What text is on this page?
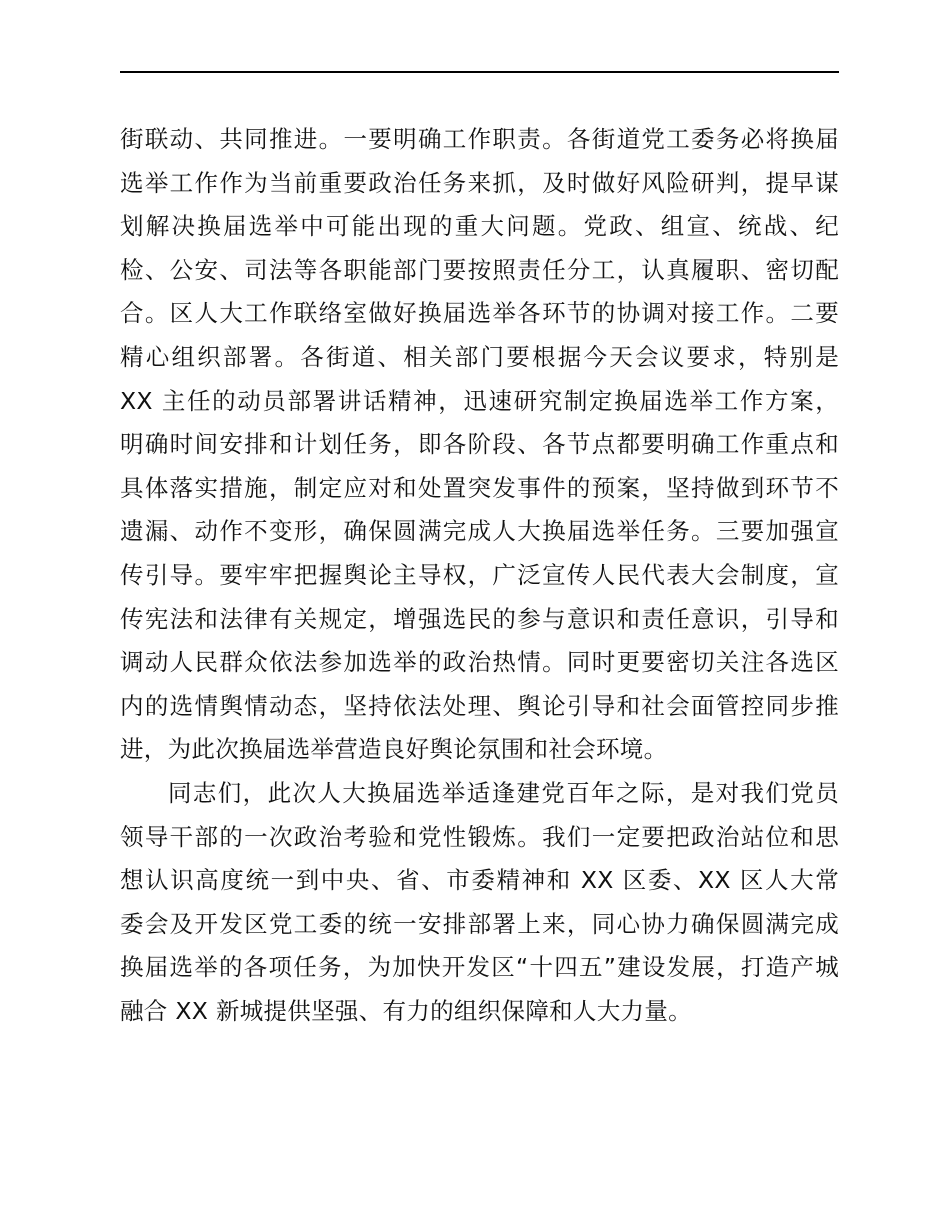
街联动、共同推进。一要明确工作职责。各街道党工委务必将换届
选举工作作为当前重要政治任务来抓，及时做好风险研判，提早谋
划解决换届选举中可能出现的重大问题。党政、组宣、统战、纪
检、公安、司法等各职能部门要按照责任分工，认真履职、密切配
合。区人大工作联络室做好换届选举各环节的协调对接工作。二要
精心组织部署。各街道、相关部门要根据今天会议要求，特别是
XX 主任的动员部署讲话精神，迅速研究制定换届选举工作方案，
明确时间安排和计划任务，即各阶段、各节点都要明确工作重点和
具体落实措施，制定应对和处置突发事件的预案，坚持做到环节不
遗漏、动作不变形，确保圆满完成人大换届选举任务。三要加强宣
传引导。要牢牢把握舆论主导权，广泛宣传人民代表大会制度，宣
传宪法和法律有关规定，增强选民的参与意识和责任意识，引导和
调动人民群众依法参加选举的政治热情。同时更要密切关注各选区
内的选情舆情动态，坚持依法处理、舆论引导和社会面管控同步推
进，为此次换届选举营造良好舆论氛围和社会环境。
同志们，此次人大换届选举适逢建党百年之际，是对我们党员
领导干部的一次政治考验和党性锻炼。我们一定要把政治站位和思
想认识高度统一到中央、省、市委精神和 XX 区委、XX 区人大常
委会及开发区党工委的统一安排部署上来，同心协力确保圆满完成
换届选举的各项任务，为加快开发区“十四五”建设发展，打造产城
融合 XX 新城提供坚强、有力的组织保障和人大力量。
